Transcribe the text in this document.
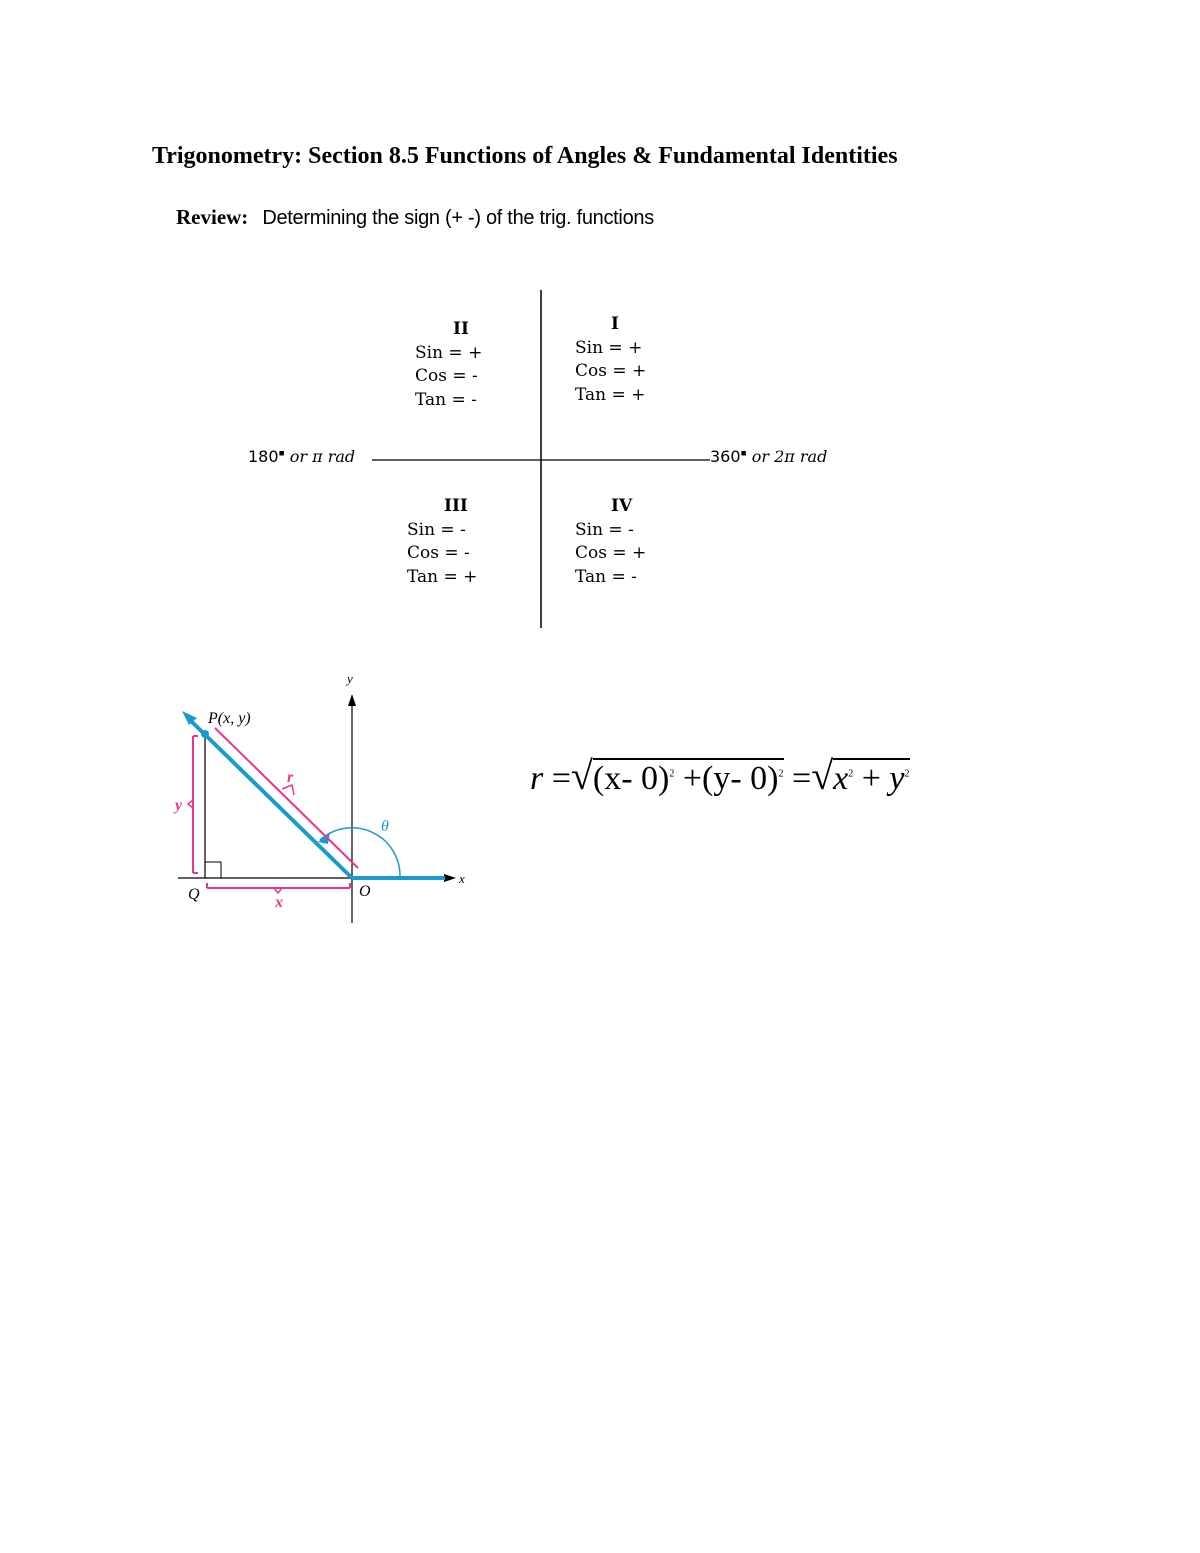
Trigonometry: Section 8.5 Functions of Angles & Fundamental Identities
Review: Determining the sign (+ -) of the trig. functions
II
Sin = +
Cos = -
Tan = -
I
Sin = +
Cos = +
Tan = +
III
Sin = -
Cos = -
Tan = +
IV
Sin = -
Cos = +
Tan = -
180▪ or π rad	360▪ or 2π rad
P(x, y)
y
x
r
y
x
θ
Q	O
r =√(x- 0)$^2$ +(y- $0)^2 =√x^2 + y^2$
